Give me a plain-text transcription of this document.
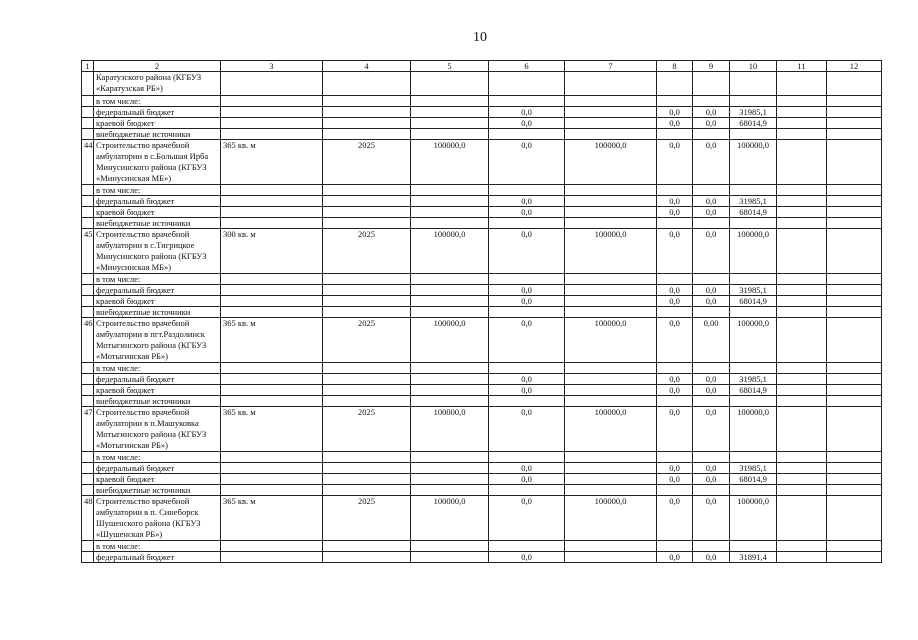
10
1	2	3	4	5	6	7	8	9	10	11	12
	Каратузского района (КГБУЗ «Каратузская РБ»)										
	в том числе:										
	федеральный бюджет				0,0		0,0	0,0	31985,1		
	краевой бюджет				0,0		0,0	0,0	68014,9		
	внебюджетные источники										
44	Строительство врачебной амбулатории в с.Большая Ирба Минусинского района (КГБУЗ «Минусинская МБ»)	365 кв. м	2025	100000,0	0,0	100000,0	0,0	0,0	100000,0		
	в том числе:										
	федеральный бюджет				0,0		0,0	0,0	31985,1		
	краевой бюджет				0,0		0,0	0,0	68014,9		
	внебюджетные источники										
45	Строительство врачебной амбулатории в с.Тигрицкое Минусинского района (КГБУЗ «Минусинская МБ»)	300 кв. м	2025	100000,0	0,0	100000,0	0,0	0,0	100000,0		
	в том числе:										
	федеральный бюджет				0,0		0,0	0,0	31985,1		
	краевой бюджет				0,0		0,0	0,0	68014,9		
	внебюджетные источники										
46	Строительство врачебной амбулатории в пгт.Раздолинск Мотыгинского района (КГБУЗ «Мотыгинская РБ»)	365 кв. м	2025	100000,0	0,0	100000,0	0,0	0,00	100000,0		
	в том числе:										
	федеральный бюджет				0,0		0,0	0,0	31985,1		
	краевой бюджет				0,0		0,0	0,0	68014,9		
	внебюджетные источники										
47	Строительство врачебной амбулатории в п.Машуковка Мотыгинского района (КГБУЗ «Мотыгинская РБ»)	365 кв. м	2025	100000,0	0,0	100000,0	0,0	0,0	100000,0		
	в том числе:										
	федеральный бюджет				0,0		0,0	0,0	31985,1		
	краевой бюджет				0,0		0,0	0,0	68014,9		
	внебюджетные источники										
48	Строительство врачебной амбулатории в п. Синеборск Шушенского района (КГБУЗ «Шушенская РБ»)	365 кв. м	2025	100000,0	0,0	100000,0	0,0	0,0	100000,0		
	в том числе:										
	федеральный бюджет				0,0		0,0	0,0	31891,4		
